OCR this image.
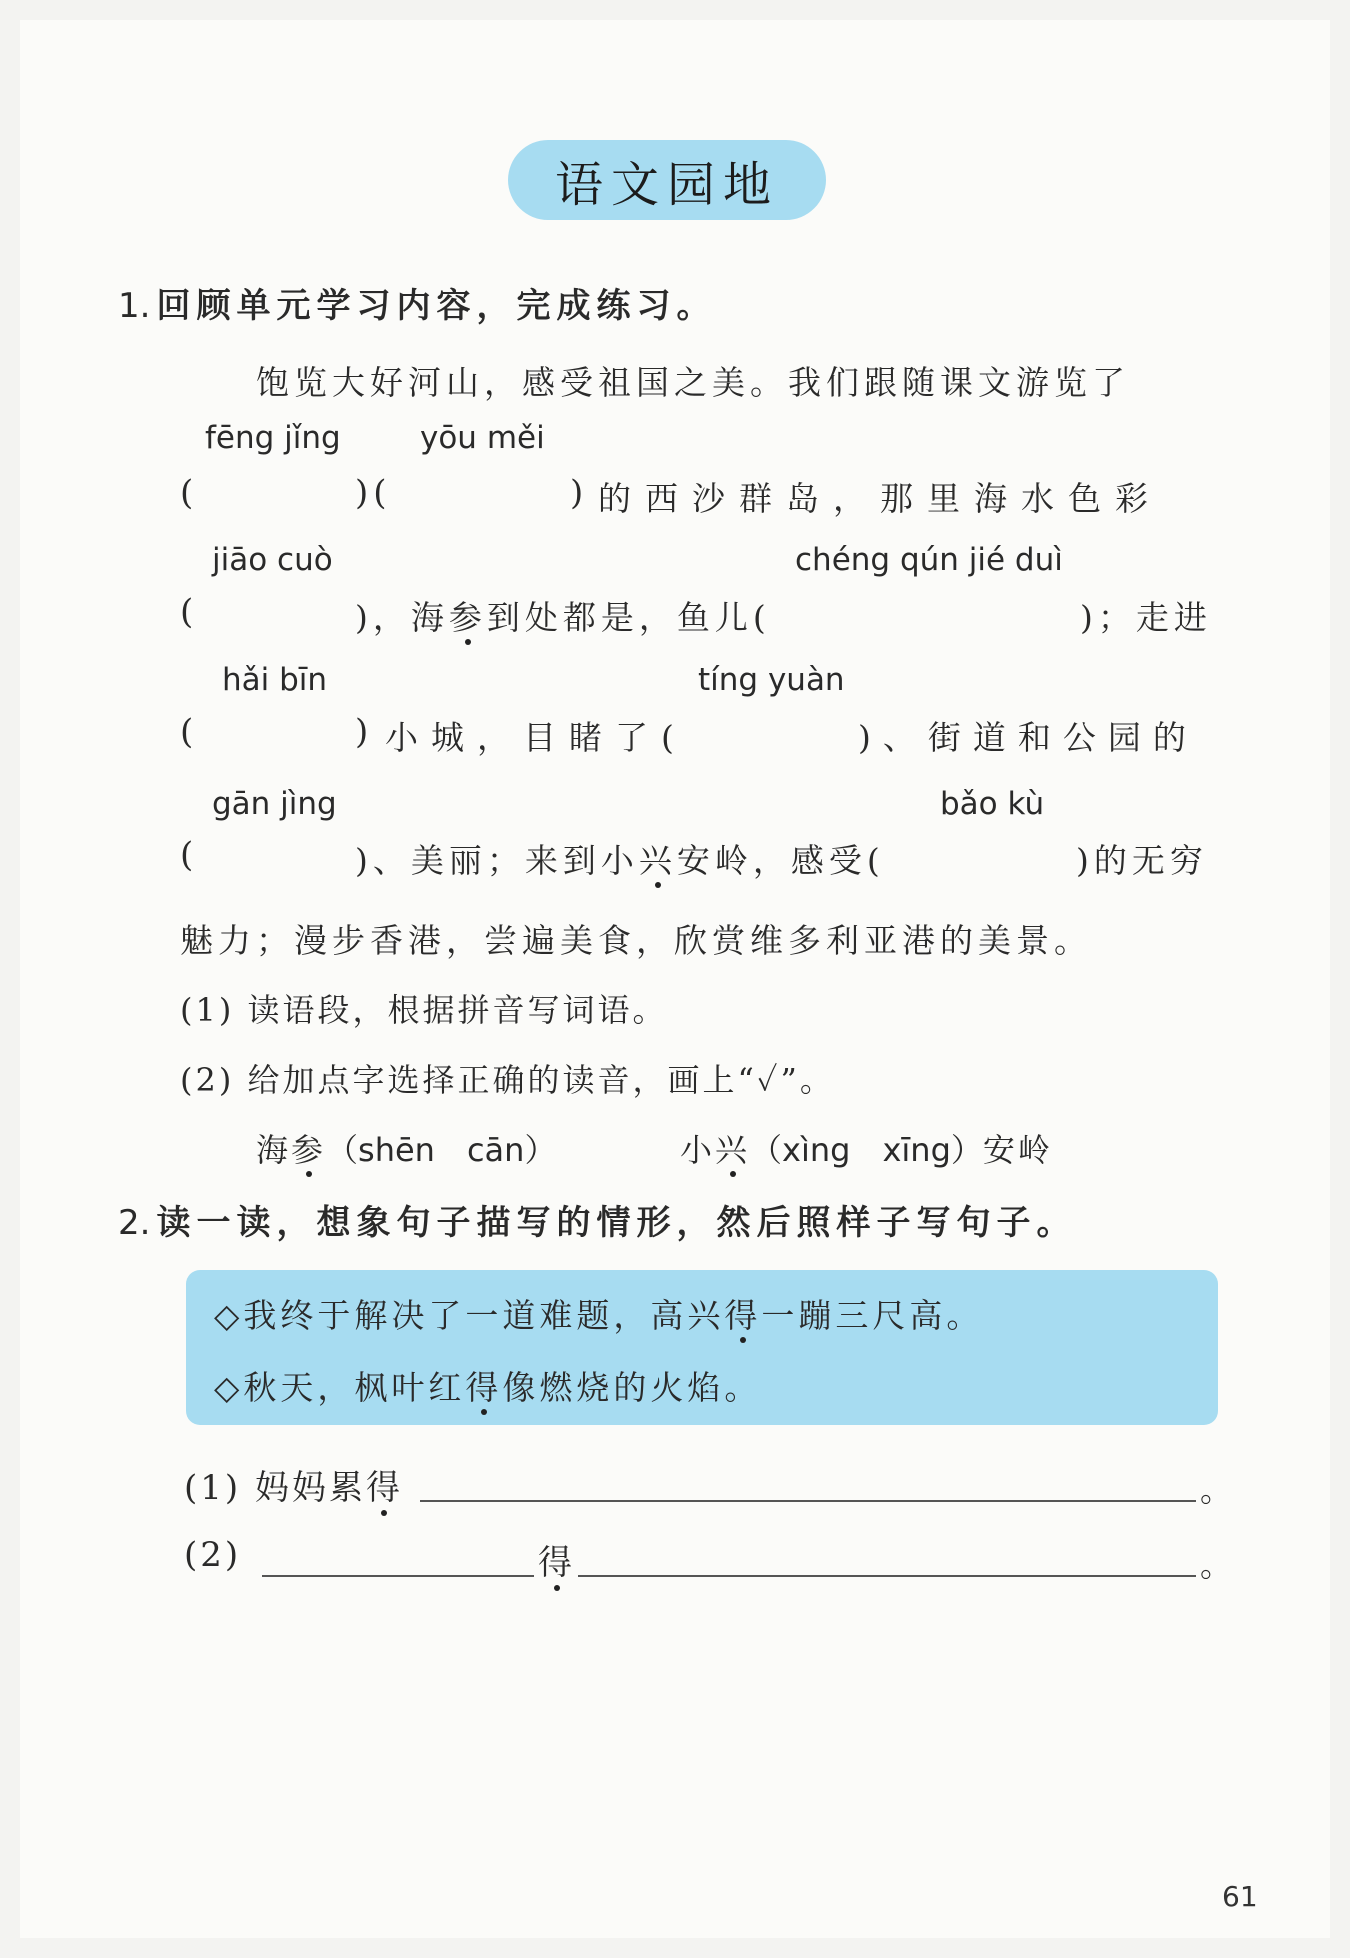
语文园地
1. 回顾单元学习内容，完成练习。
饱览大好河山，感受祖国之美。我们跟随课文游览了
fēng jǐng	yōu měi
(	)(	) 的西沙群岛，那里海水色彩
jiāo cuò	chéng qún jié duì
(	)，海参到处都是，鱼儿(	)；走进
hǎi bīn	tíng yuàn
(	) 小城，目睹了(	)、街道和公园的
gān jìng	bǎo kù
(	)、美丽；来到小兴安岭，感受(	)的无穷
魅力；漫步香港，尝遍美食，欣赏维多利亚港的美景。
(1) 读语段，根据拼音写词语。
(2) 给加点字选择正确的读音，画上“✓”。
海参（shēn　cān）	小兴（xìng　xīng）安岭
2. 读一读，想象句子描写的情形，然后照样子写句子。
◇我终于解决了一道难题，高兴得一蹦三尺高。
◇秋天，枫叶红得像燃烧的火焰。
(1) 妈妈累得	。
(2)	得	。
61
